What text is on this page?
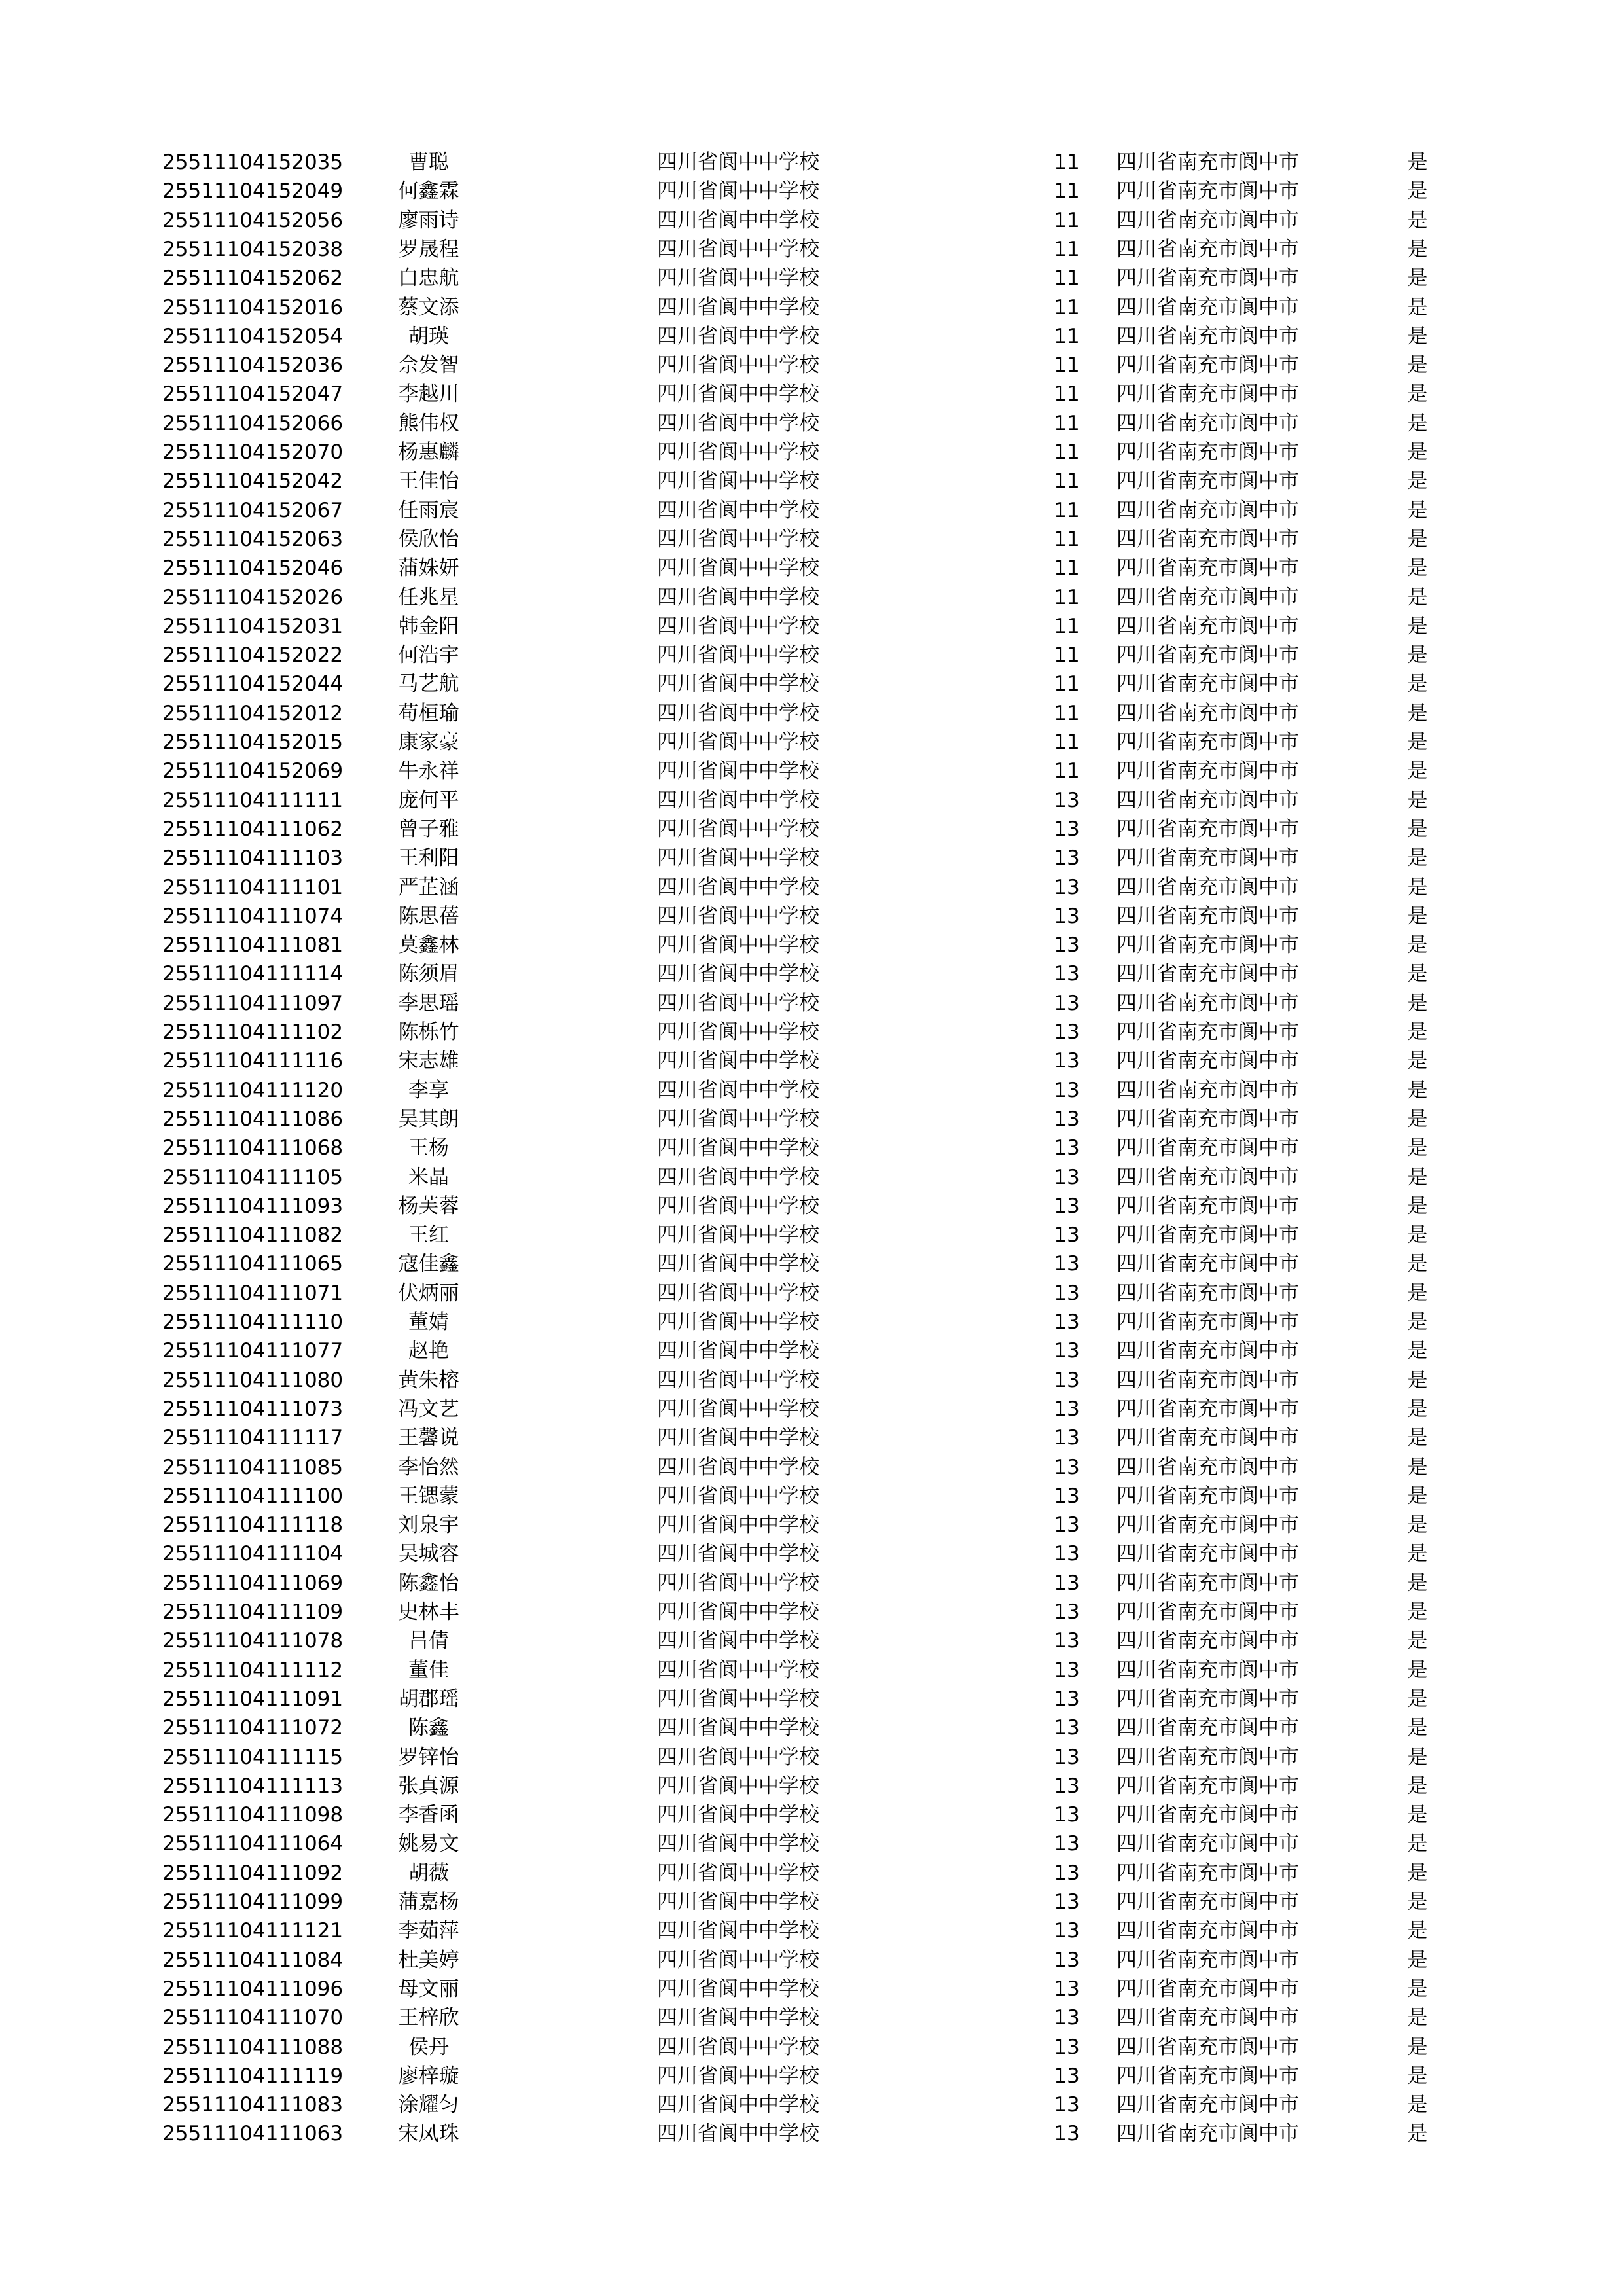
25511104152035	曹聪	四川省阆中中学校	11	四川省南充市阆中市	是
25511104152049	何鑫霖	四川省阆中中学校	11	四川省南充市阆中市	是
25511104152056	廖雨诗	四川省阆中中学校	11	四川省南充市阆中市	是
25511104152038	罗晟程	四川省阆中中学校	11	四川省南充市阆中市	是
25511104152062	白忠航	四川省阆中中学校	11	四川省南充市阆中市	是
25511104152016	蔡文添	四川省阆中中学校	11	四川省南充市阆中市	是
25511104152054	胡瑛	四川省阆中中学校	11	四川省南充市阆中市	是
25511104152036	佘发智	四川省阆中中学校	11	四川省南充市阆中市	是
25511104152047	李越川	四川省阆中中学校	11	四川省南充市阆中市	是
25511104152066	熊伟权	四川省阆中中学校	11	四川省南充市阆中市	是
25511104152070	杨惠麟	四川省阆中中学校	11	四川省南充市阆中市	是
25511104152042	王佳怡	四川省阆中中学校	11	四川省南充市阆中市	是
25511104152067	任雨宸	四川省阆中中学校	11	四川省南充市阆中市	是
25511104152063	侯欣怡	四川省阆中中学校	11	四川省南充市阆中市	是
25511104152046	蒲姝妍	四川省阆中中学校	11	四川省南充市阆中市	是
25511104152026	任兆星	四川省阆中中学校	11	四川省南充市阆中市	是
25511104152031	韩金阳	四川省阆中中学校	11	四川省南充市阆中市	是
25511104152022	何浩宇	四川省阆中中学校	11	四川省南充市阆中市	是
25511104152044	马艺航	四川省阆中中学校	11	四川省南充市阆中市	是
25511104152012	苟桓瑜	四川省阆中中学校	11	四川省南充市阆中市	是
25511104152015	康家豪	四川省阆中中学校	11	四川省南充市阆中市	是
25511104152069	牛永祥	四川省阆中中学校	11	四川省南充市阆中市	是
25511104111111	庞何平	四川省阆中中学校	13	四川省南充市阆中市	是
25511104111062	曾子雅	四川省阆中中学校	13	四川省南充市阆中市	是
25511104111103	王利阳	四川省阆中中学校	13	四川省南充市阆中市	是
25511104111101	严芷涵	四川省阆中中学校	13	四川省南充市阆中市	是
25511104111074	陈思蓓	四川省阆中中学校	13	四川省南充市阆中市	是
25511104111081	莫鑫林	四川省阆中中学校	13	四川省南充市阆中市	是
25511104111114	陈须眉	四川省阆中中学校	13	四川省南充市阆中市	是
25511104111097	李思瑶	四川省阆中中学校	13	四川省南充市阆中市	是
25511104111102	陈栎竹	四川省阆中中学校	13	四川省南充市阆中市	是
25511104111116	宋志雄	四川省阆中中学校	13	四川省南充市阆中市	是
25511104111120	李享	四川省阆中中学校	13	四川省南充市阆中市	是
25511104111086	吴其朗	四川省阆中中学校	13	四川省南充市阆中市	是
25511104111068	王杨	四川省阆中中学校	13	四川省南充市阆中市	是
25511104111105	米晶	四川省阆中中学校	13	四川省南充市阆中市	是
25511104111093	杨芙蓉	四川省阆中中学校	13	四川省南充市阆中市	是
25511104111082	王红	四川省阆中中学校	13	四川省南充市阆中市	是
25511104111065	寇佳鑫	四川省阆中中学校	13	四川省南充市阆中市	是
25511104111071	伏炳丽	四川省阆中中学校	13	四川省南充市阆中市	是
25511104111110	董婧	四川省阆中中学校	13	四川省南充市阆中市	是
25511104111077	赵艳	四川省阆中中学校	13	四川省南充市阆中市	是
25511104111080	黄朱榕	四川省阆中中学校	13	四川省南充市阆中市	是
25511104111073	冯文艺	四川省阆中中学校	13	四川省南充市阆中市	是
25511104111117	王馨说	四川省阆中中学校	13	四川省南充市阆中市	是
25511104111085	李怡然	四川省阆中中学校	13	四川省南充市阆中市	是
25511104111100	王锶蒙	四川省阆中中学校	13	四川省南充市阆中市	是
25511104111118	刘泉宇	四川省阆中中学校	13	四川省南充市阆中市	是
25511104111104	吴城容	四川省阆中中学校	13	四川省南充市阆中市	是
25511104111069	陈鑫怡	四川省阆中中学校	13	四川省南充市阆中市	是
25511104111109	史林丰	四川省阆中中学校	13	四川省南充市阆中市	是
25511104111078	吕倩	四川省阆中中学校	13	四川省南充市阆中市	是
25511104111112	董佳	四川省阆中中学校	13	四川省南充市阆中市	是
25511104111091	胡郡瑶	四川省阆中中学校	13	四川省南充市阆中市	是
25511104111072	陈鑫	四川省阆中中学校	13	四川省南充市阆中市	是
25511104111115	罗锌怡	四川省阆中中学校	13	四川省南充市阆中市	是
25511104111113	张真源	四川省阆中中学校	13	四川省南充市阆中市	是
25511104111098	李香函	四川省阆中中学校	13	四川省南充市阆中市	是
25511104111064	姚易文	四川省阆中中学校	13	四川省南充市阆中市	是
25511104111092	胡薇	四川省阆中中学校	13	四川省南充市阆中市	是
25511104111099	蒲嘉杨	四川省阆中中学校	13	四川省南充市阆中市	是
25511104111121	李茹萍	四川省阆中中学校	13	四川省南充市阆中市	是
25511104111084	杜美婷	四川省阆中中学校	13	四川省南充市阆中市	是
25511104111096	母文丽	四川省阆中中学校	13	四川省南充市阆中市	是
25511104111070	王梓欣	四川省阆中中学校	13	四川省南充市阆中市	是
25511104111088	侯丹	四川省阆中中学校	13	四川省南充市阆中市	是
25511104111119	廖梓璇	四川省阆中中学校	13	四川省南充市阆中市	是
25511104111083	涂耀匀	四川省阆中中学校	13	四川省南充市阆中市	是
25511104111063	宋凤珠	四川省阆中中学校	13	四川省南充市阆中市	是
